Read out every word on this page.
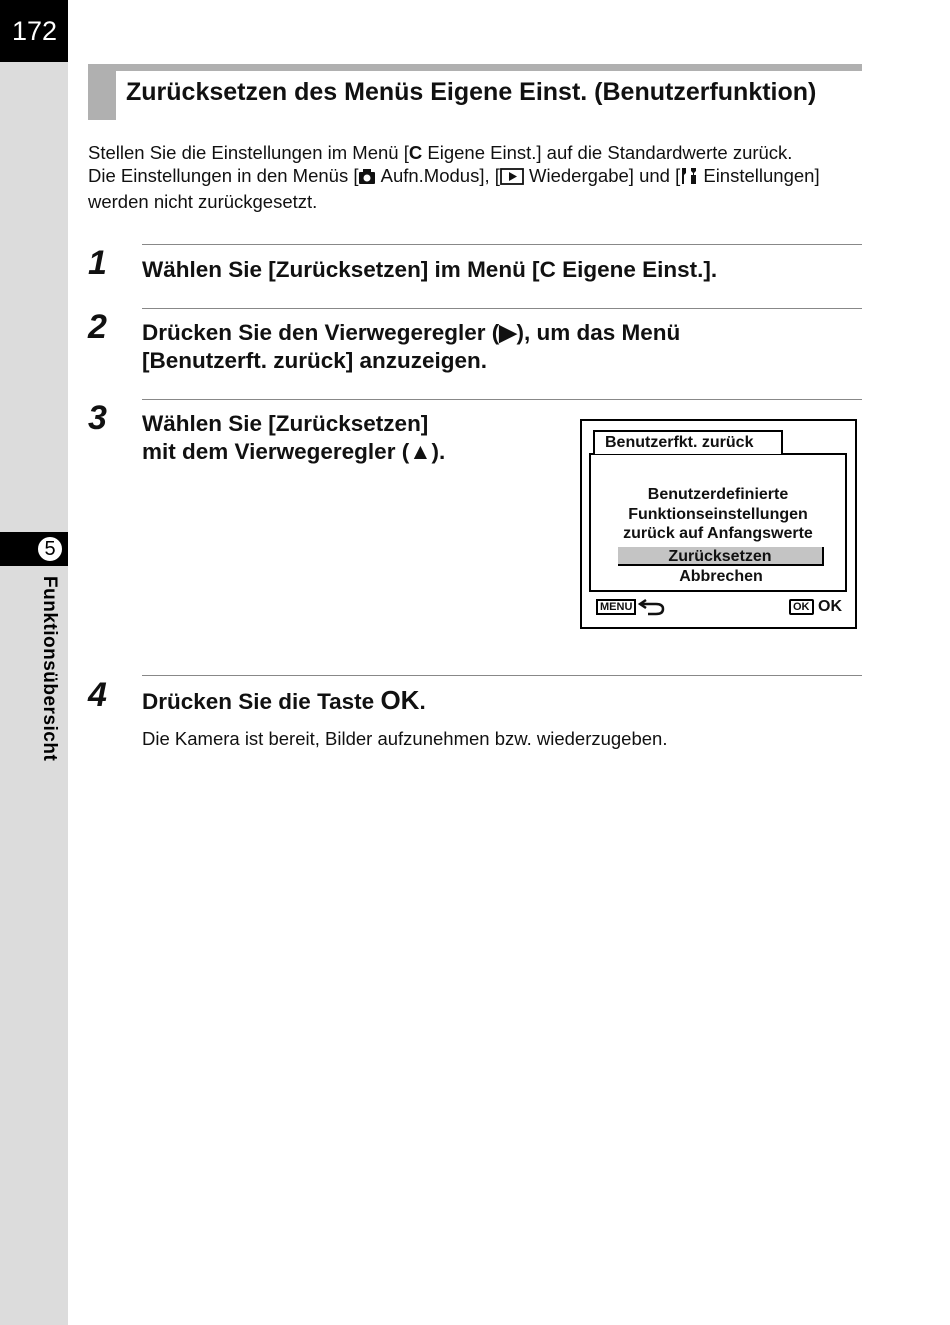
172
5
Funktionsübersicht
Zurücksetzen des Menüs Eigene Einst. (Benutzerfunktion)
Stellen Sie die Einstellungen im Menü [C Eigene Einst.] auf die Standardwerte zurück.
Die Einstellungen in den Menüs [ Aufn.Modus], [ Wiedergabe] und [ Einstellungen]
werden nicht zurückgesetzt.
1 Wählen Sie [Zurücksetzen] im Menü [C Eigene Einst.].
2 Drücken Sie den Vierwegeregler (▶), um das Menü
[Benutzerft. zurück] anzuzeigen.
3 Wählen Sie [Zurücksetzen]
mit dem Vierwegeregler (▲).	Benutzerfkt. zurück
Benutzerdefinierte
Funktionseinstellungen
zurück auf Anfangswerte
Zurücksetzen
Abbrechen
MENU	OK OK
4 Drücken Sie die Taste OK.
Die Kamera ist bereit, Bilder aufzunehmen bzw. wiederzugeben.
